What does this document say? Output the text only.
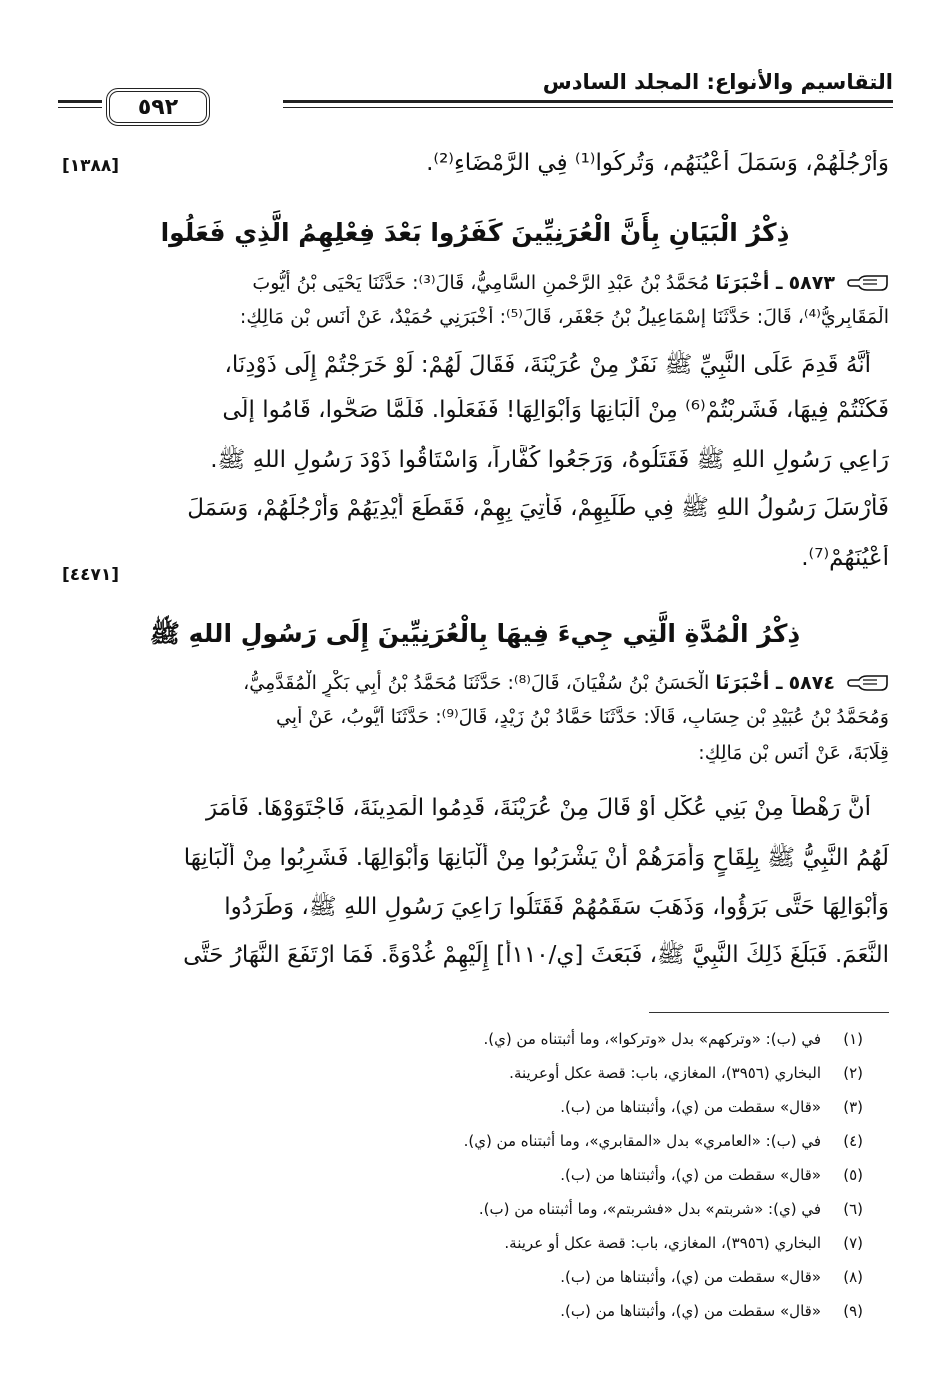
التقاسيم والأنواع: المجلد السادس
٥٩٢
وَأَرْجُلَهُمْ، وَسَمَلَ أَعْيُنَهُم، وَتُرِكُوا⁽¹⁾ فِي الرَّمْضَاءِ⁽²⁾.
[١٣٨٨]
ذِكْرُ الْبَيَانِ بِأَنَّ الْعُرَنِيِّينَ كَفَرُوا بَعْدَ فِعْلِهِمُ الَّذِي فَعَلُوا
٥٨٧٣ ـ أَخْبَرَنَا مُحَمَّدُ بْنُ عَبْدِ الرَّحْمنِ السَّامِيُّ، قَالَ⁽³⁾: حَدَّثَنَا يَحْيَى بْنُ أَيُّوبَ
الْمَقَابِرِيُّ⁽⁴⁾، قَالَ: حَدَّثَنَا إِسْمَاعِيلُ بْنُ جَعْفَرٍ، قَالَ⁽⁵⁾: أَخْبَرَنِي حُمَيْدٌ، عَنْ أَنَسِ بْنِ مَالِكٍ:
أَنَّهُ قَدِمَ عَلَى النَّبِيِّ ﷺ نَفَرٌ مِنْ عُرَيْنَةَ، فَقَالَ لَهُمْ: لَوْ خَرَجْتُمْ إِلَى ذَوْدِنَا،
فَكُنْتُمْ فِيهَا، فَشَرِبْتُمْ⁽⁶⁾ مِنْ أَلْبَانِهَا وَأَبْوَالِهَا! فَفَعَلُوا. فَلَمَّا صَحُّوا، قَامُوا إِلَى
رَاعِي رَسُولِ اللهِ ﷺ فَقَتَلُوهُ، وَرَجَعُوا كُفَّاراً، وَاسْتَاقُوا ذَوْدَ رَسُولِ اللهِ ﷺ.
فَأَرْسَلَ رَسُولُ اللهِ ﷺ فِي طَلَبِهِمْ، فَأُتِيَ بِهِمْ، فَقَطَعَ أَيْدِيَهُمْ وَأَرْجُلَهُمْ، وَسَمَلَ
أَعْيُنَهُمْ⁽⁷⁾.
[٤٤٧١]
ذِكْرُ الْمُدَّةِ الَّتِي جِيءَ فِيهَا بِالْعُرَنِيِّينَ إِلَى رَسُولِ اللهِ ﷺ
٥٨٧٤ ـ أَخْبَرَنَا الْحَسَنُ بْنُ سُفْيَانَ، قَالَ⁽⁸⁾: حَدَّثَنَا مُحَمَّدُ بْنُ أَبِي بَكْرٍ الْمُقَدَّمِيُّ،
وَمُحَمَّدُ بْنُ عُبَيْدِ بْنِ حِسَابٍ، قَالَا: حَدَّثَنَا حَمَّادُ بْنُ زَيْدٍ، قَالَ⁽⁹⁾: حَدَّثَنَا أَيُّوبُ، عَنْ أَبِي
قِلَابَةَ، عَنْ أَنَسِ بْنِ مَالِكٍ:
أَنَّ رَهْطاً مِنْ بَنِي عُكْلٍ أَوْ قَالَ مِنْ عُرَيْنَةَ، قَدِمُوا الْمَدِينَةَ، فَاجْتَوَوْهَا. فَأَمَرَ
لَهُمُ النَّبِيُّ ﷺ بِلِقَاحٍ وَأَمَرَهُمْ أَنْ يَشْرَبُوا مِنْ أَلْبَانِهَا وَأَبْوَالِهَا. فَشَرِبُوا مِنْ أَلْبَانِهَا
وَأَبْوَالِهَا حَتَّى بَرَؤُوا، وَذَهَبَ سَقَمُهُمْ فَقَتَلُوا رَاعِيَ رَسُولِ اللهِ ﷺ، وَطَرَدُوا
النَّعَمَ. فَبَلَغَ ذَلِكَ النَّبِيَّ ﷺ، فَبَعَثَ [ي/١١٠أ] إِلَيْهِمْ غُدْوَةً. فَمَا ارْتَفَعَ النَّهَارُ حَتَّى
(١)في (ب): «وتركهم» بدل «وتركوا»، وما أثبتناه من (ي).
(٢)البخاري (٣٩٥٦)، المغازي، باب: قصة عكل أوعرينة.
(٣)«قال» سقطت من (ي)، وأثبتناها من (ب).
(٤)في (ب): «العامري» بدل «المقابري»، وما أثبتناه من (ي).
(٥)«قال» سقطت من (ي)، وأثبتناها من (ب).
(٦)في (ي): «شربتم» بدل «فشربتم»، وما أثبتناه من (ب).
(٧)البخاري (٣٩٥٦)، المغازي، باب: قصة عكل أو عرينة.
(٨)«قال» سقطت من (ي)، وأثبتناها من (ب).
(٩)«قال» سقطت من (ي)، وأثبتناها من (ب).
